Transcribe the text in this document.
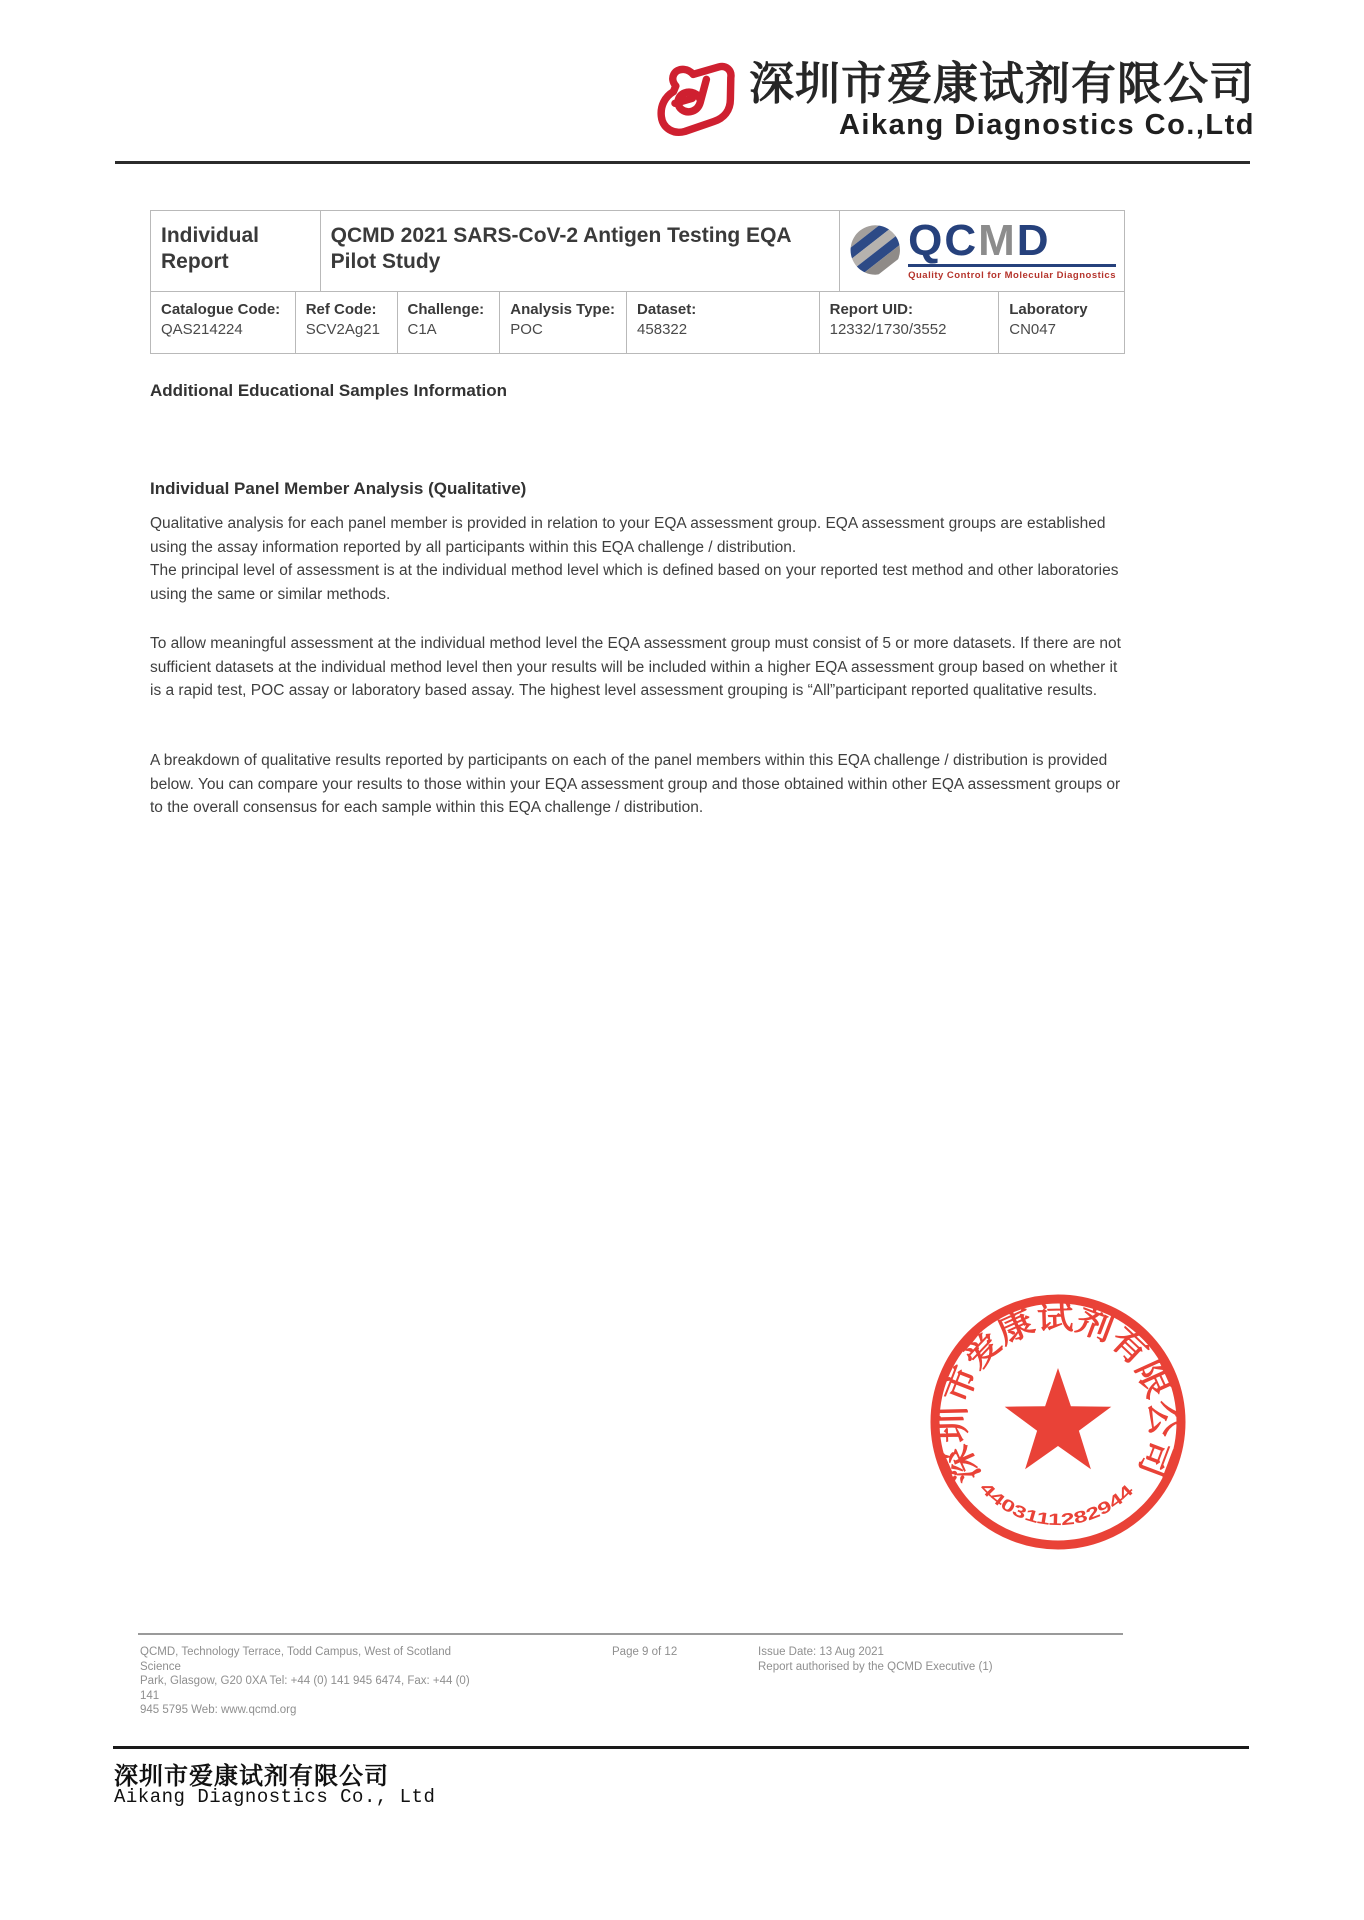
深圳市爱康试剂有限公司
Aikang Diagnostics Co.,Ltd
Individual Report
QCMD 2021 SARS-CoV-2 Antigen Testing EQA Pilot Study	QCMD
Quality Control for Molecular Diagnostics
Catalogue Code:
QAS214224
Ref Code:
SCV2Ag21
Challenge:
C1A
Analysis Type:
POC
Dataset:
458322
Report UID:
12332/1730/3552
Laboratory
CN047
Additional Educational Samples Information
Individual Panel Member Analysis (Qualitative)
Qualitative analysis for each panel member is provided in relation to your EQA assessment group. EQA assessment groups are established using the assay information reported by all participants within this EQA challenge / distribution.
The principal level of assessment is at the individual method level which is defined based on your reported test method and other laboratories using the same or similar methods.
To allow meaningful assessment at the individual method level the EQA assessment group must consist of 5 or more datasets. If there are not sufficient datasets at the individual method level then your results will be included within a higher EQA assessment group based on whether it is a rapid test, POC assay or laboratory based assay. The highest level assessment grouping is “All”participant reported qualitative results.
A breakdown of qualitative results reported by participants on each of the panel members within this EQA challenge / distribution is provided below. You can compare your results to those within your EQA assessment group and those obtained within other EQA assessment groups or to the overall consensus for each sample within this EQA challenge / distribution.
深圳市爱康试剂有限公司
4403111282944
QCMD, Technology Terrace, Todd Campus, West of Scotland Science
Park, Glasgow, G20 0XA Tel: +44 (0) 141 945 6474, Fax: +44 (0) 141
945 5795 Web: www.qcmd.org
Page 9 of 12	Issue Date: 13 Aug 2021
Report authorised by the QCMD Executive (1)
深圳市爱康试剂有限公司
Aikang Diagnostics Co., Ltd
